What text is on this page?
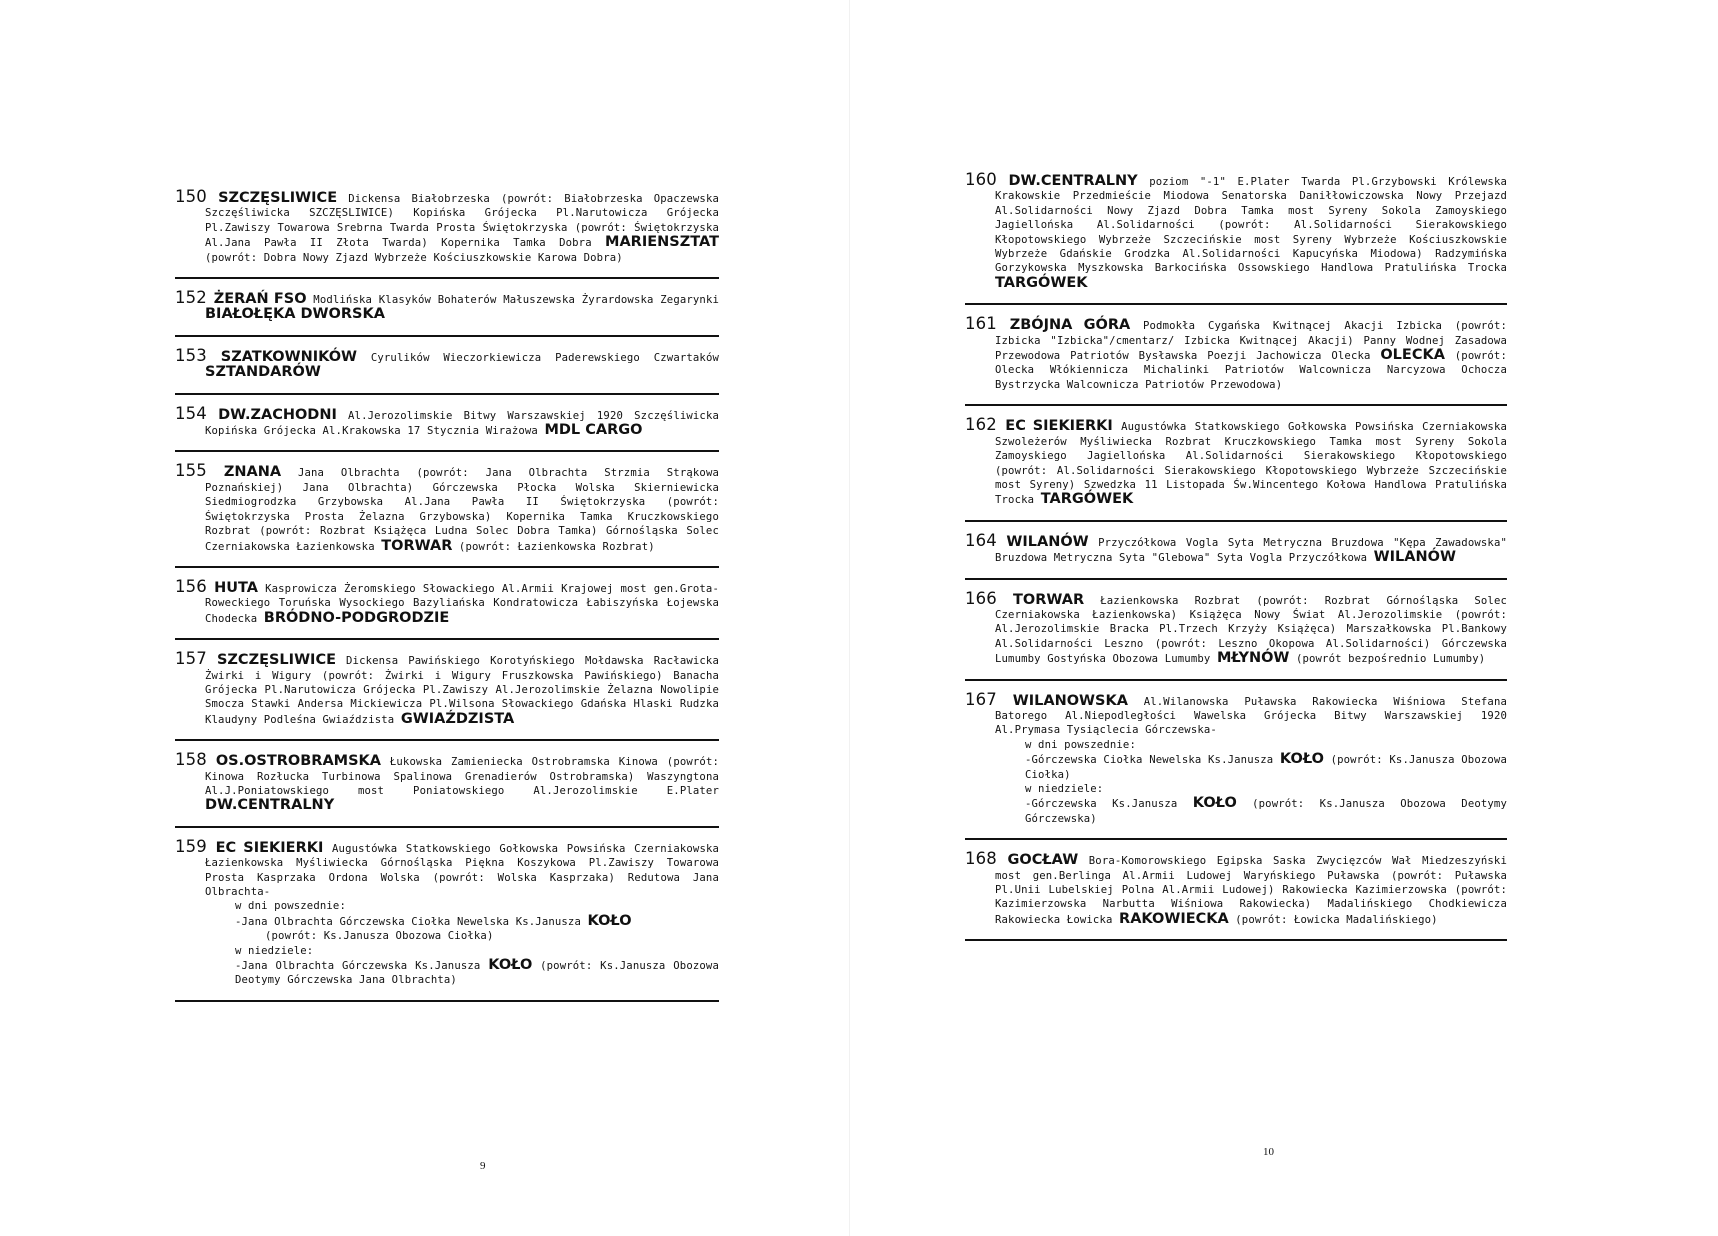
150 SZCZĘSLIWICE Dickensa Białobrzeska (powrót: Białobrzeska Opaczewska Szczęśliwicka SZCZĘSLIWICE) Kopińska Grójecka Pl.Narutowicza Grójecka Pl.Zawiszy Towarowa Srebrna Twarda Prosta Świętokrzyska (powrót: Świętokrzyska Al.Jana Pawła II Złota Twarda) Kopernika Tamka Dobra MARIENSZTAT (powrót: Dobra Nowy Zjazd Wybrzeże Kościuszkowskie Karowa Dobra)
152 ŻERAŃ FSO Modlińska Klasyków Bohaterów Małuszewska Żyrardowska Zegarynki BIAŁOŁĘKA DWORSKA
153 SZATKOWNIKÓW Cyrulików Wieczorkiewicza Paderewskiego Czwartaków SZTANDARÓW
154 DW.ZACHODNI Al.Jerozolimskie Bitwy Warszawskiej 1920 Szczęśliwicka Kopińska Grójecka Al.Krakowska 17 Stycznia Wirażowa MDL CARGO
155 ZNANA Jana Olbrachta (powrót: Jana Olbrachta Strzmia Strąkowa Poznańskiej) Jana Olbrachta) Górczewska Płocka Wolska Skierniewicka Siedmiogrodzka Grzybowska Al.Jana Pawła II Świętokrzyska (powrót: Świętokrzyska Prosta Żelazna Grzybowska) Kopernika Tamka Kruczkowskiego Rozbrat (powrót: Rozbrat Książęca Ludna Solec Dobra Tamka) Górnośląska Solec Czerniakowska Łazienkowska TORWAR (powrót: Łazienkowska Rozbrat)
156 HUTA Kasprowicza Żeromskiego Słowackiego Al.Armii Krajowej most gen.Grota-Roweckiego Toruńska Wysockiego Bazyliańska Kondratowicza Łabiszyńska Łojewska Chodecka BRÓDNO-PODGRODZIE
157 SZCZĘSLIWICE Dickensa Pawińskiego Korotyńskiego Mołdawska Racławicka Żwirki i Wigury (powrót: Żwirki i Wigury Fruszkowska Pawińskiego) Banacha Grójecka Pl.Narutowicza Grójecka Pl.Zawiszy Al.Jerozolimskie Żelazna Nowolipie Smocza Stawki Andersa Mickiewicza Pl.Wilsona Słowackiego Gdańska Hlaski Rudzka Klaudyny Podleśna Gwiaździsta GWIAŹDZISTA
158 OS.OSTROBRAMSKA Łukowska Zamieniecka Ostrobramska Kinowa (powrót: Kinowa Rozłucka Turbinowa Spalinowa Grenadierów Ostrobramska) Waszyngtona Al.J.Poniatowskiego most Poniatowskiego Al.Jerozolimskie E.Plater DW.CENTRALNY
159 EC SIEKIERKI Augustówka Statkowskiego Gołkowska Powsińska Czerniakowska Łazienkowska Myśliwiecka Górnośląska Piękna Koszykowa Pl.Zawiszy Towarowa Prosta Kasprzaka Ordona Wolska (powrót: Wolska Kasprzaka) Redutowa Jana Olbrachta-
w dni powszednie:
-Jana Olbrachta Górczewska Ciołka Newelska Ks.Janusza KOŁO
(powrót: Ks.Janusza Obozowa Ciołka)
w niedziele:
-Jana Olbrachta Górczewska Ks.Janusza KOŁO (powrót: Ks.Janusza Obozowa Deotymy Górczewska Jana Olbrachta)
9
160 DW.CENTRALNY poziom "-1" E.Plater Twarda Pl.Grzybowski Królewska Krakowskie Przedmieście Miodowa Senatorska Daniłłowiczowska Nowy Przejazd Al.Solidarności Nowy Zjazd Dobra Tamka most Syreny Sokola Zamoyskiego Jagiellońska Al.Solidarności (powrót: Al.Solidarności Sierakowskiego Kłopotowskiego Wybrzeże Szczecińskie most Syreny Wybrzeże Kościuszkowskie Wybrzeże Gdańskie Grodzka Al.Solidarności Kapucyńska Miodowa) Radzymińska Gorzykowska Myszkowska Barkocińska Ossowskiego Handlowa Pratulińska Trocka TARGÓWEK
161 ZBÓJNA GÓRA Podmokła Cygańska Kwitnącej Akacji Izbicka (powrót: Izbicka "Izbicka"/cmentarz/ Izbicka Kwitnącej Akacji) Panny Wodnej Zasadowa Przewodowa Patriotów Bysławska Poezji Jachowicza Olecka OLECKA (powrót: Olecka Włókiennicza Michalinki Patriotów Walcownicza Narcyzowa Ochocza Bystrzycka Walcownicza Patriotów Przewodowa)
162 EC SIEKIERKI Augustówka Statkowskiego Gołkowska Powsińska Czerniakowska Szwoleżerów Myśliwiecka Rozbrat Kruczkowskiego Tamka most Syreny Sokola Zamoyskiego Jagiellońska Al.Solidarności Sierakowskiego Kłopotowskiego (powrót: Al.Solidarności Sierakowskiego Kłopotowskiego Wybrzeże Szczecińskie most Syreny) Szwedzka 11 Listopada Św.Wincentego Kołowa Handlowa Pratulińska Trocka TARGÓWEK
164 WILANÓW Przyczółkowa Vogla Syta Metryczna Bruzdowa "Kępa Zawadowska" Bruzdowa Metryczna Syta "Glebowa" Syta Vogla Przyczółkowa WILANÓW
166 TORWAR Łazienkowska Rozbrat (powrót: Rozbrat Górnośląska Solec Czerniakowska Łazienkowska) Książęca Nowy Świat Al.Jerozolimskie (powrót: Al.Jerozolimskie Bracka Pl.Trzech Krzyży Książęca) Marszałkowska Pl.Bankowy Al.Solidarności Leszno (powrót: Leszno Okopowa Al.Solidarności) Górczewska Lumumby Gostyńska Obozowa Lumumby MŁYNÓW (powrót bezpośrednio Lumumby)
167 WILANOWSKA Al.Wilanowska Puławska Rakowiecka Wiśniowa Stefana Batorego Al.Niepodległości Wawelska Grójecka Bitwy Warszawskiej 1920 Al.Prymasa Tysiąclecia Górczewska-
w dni powszednie:
-Górczewska Ciołka Newelska Ks.Janusza KOŁO (powrót: Ks.Janusza Obozowa Ciołka)
w niedziele:
-Górczewska Ks.Janusza KOŁO (powrót: Ks.Janusza Obozowa Deotymy Górczewska)
168 GOCŁAW Bora-Komorowskiego Egipska Saska Zwycięzców Wał Miedzeszyński most gen.Berlinga Al.Armii Ludowej Waryńskiego Puławska (powrót: Puławska Pl.Unii Lubelskiej Polna Al.Armii Ludowej) Rakowiecka Kazimierzowska (powrót: Kazimierzowska Narbutta Wiśniowa Rakowiecka) Madalińskiego Chodkiewicza Rakowiecka Łowicka RAKOWIECKA (powrót: Łowicka Madalińskiego)
10
